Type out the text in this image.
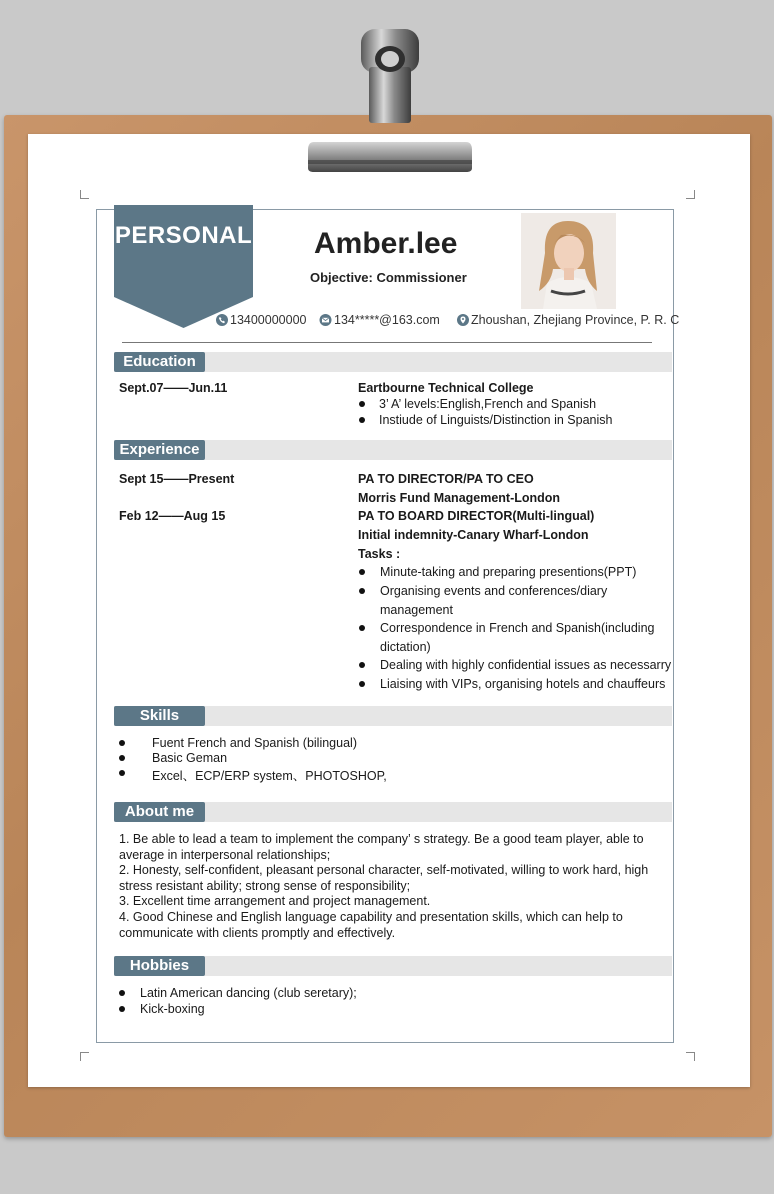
PERSONAL Amber.lee
Objective: Commissioner
13400000000	134*****@163.com	Zhoushan, Zhejiang Province, P. R. C
Education
Sept.07——Jun.11	Eartbourne Technical College
3’ A’ levels:English,French and Spanish
Instiude of Linguists/Distinction in Spanish
Experience
Sept 15——Present	PA TO DIRECTOR/PA TO CEO
Morris Fund Management-London
Feb 12——Aug 15	PA TO BOARD DIRECTOR(Multi-lingual)
Initial indemnity-Canary Wharf-London
Tasks :
Minute-taking and preparing presentions(PPT)
Organising events and conferences/diary
management
Correspondence in French and Spanish(including
dictation)
Dealing with highly confidential issues as necessarry
Liaising with VIPs, organising hotels and chauffeurs
Skills
Fuent French and Spanish (bilingual)
Basic Geman
Excel、ECP/ERP system、PHOTOSHOP,
About me
1. Be able to lead a team to implement the company’ s strategy. Be a good team player, able to average in interpersonal relationships;
2. Honesty, self-confident, pleasant personal character, self-motivated, willing to work hard, high stress resistant ability; strong sense of responsibility;
3. Excellent time arrangement and project management.
4. Good Chinese and English language capability and presentation skills, which can help to communicate with clients promptly and effectively.
Hobbies
Latin American dancing (club seretary);
Kick-boxing
